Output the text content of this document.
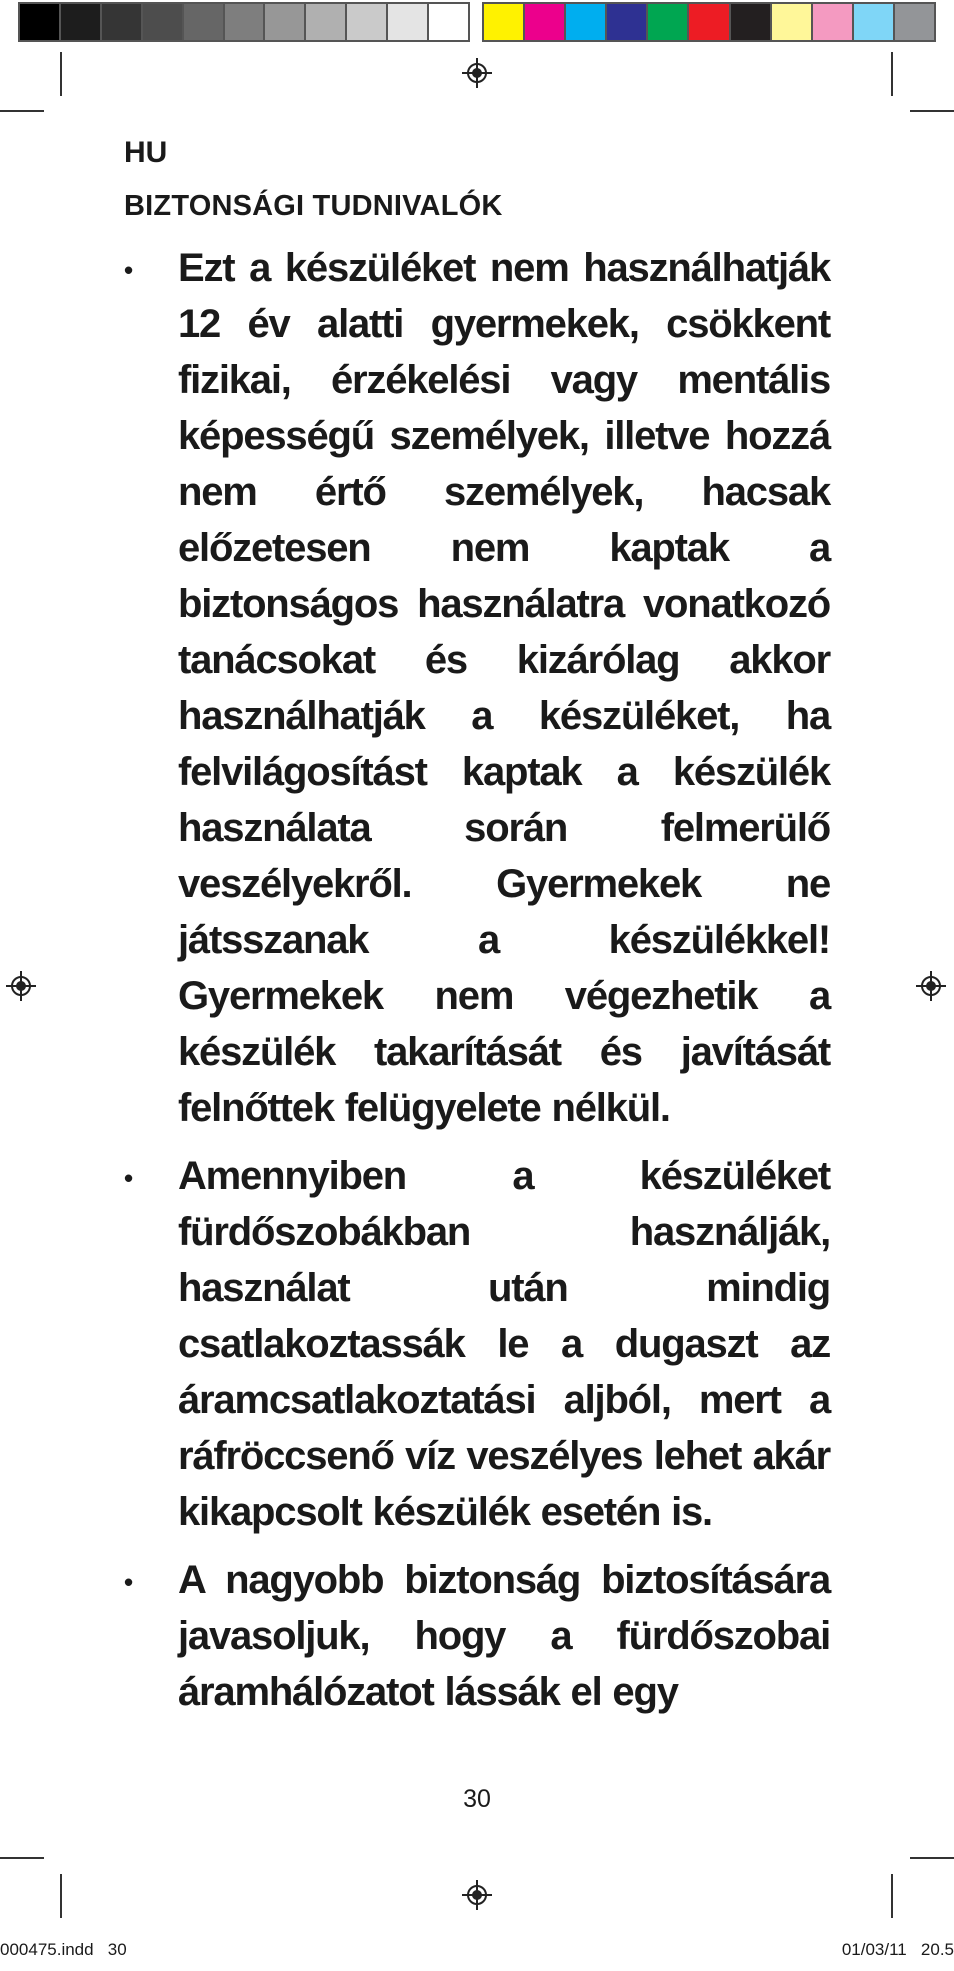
HU
BIZTONSÁGI TUDNIVALÓK
•	Ezt a készüléket nem használhatják 12 év alatti gyermekek, csökkent fizikai, érzékelési vagy mentális képességű személyek, illetve hozzá nem értő személyek, hacsak előzetesen nem kaptak a biztonságos használatra vonatkozó tanácsokat és kizárólag akkor használhatják a készüléket, ha felvilágosítást kaptak a készülék használata során felmerülő veszélyekről. Gyermekek ne játsszanak a készülékkel! Gyermekek nem végezhetik a készülék takarítását és javítását felnőttek felügyelete nélkül.
•	Amennyiben a készüléket fürdőszobákban használják, használat után mindig csatlakoztassák le a dugaszt az áramcsatlakoztatási aljból, mert a ráfröccsenő víz veszélyes lehet akár kikapcsolt készülék esetén is.
•	A nagyobb biztonság biztosítására javasoljuk, hogy a fürdőszobai áramhálózatot lássák el egy
30
000475.indd   30	01/03/11   20.5
